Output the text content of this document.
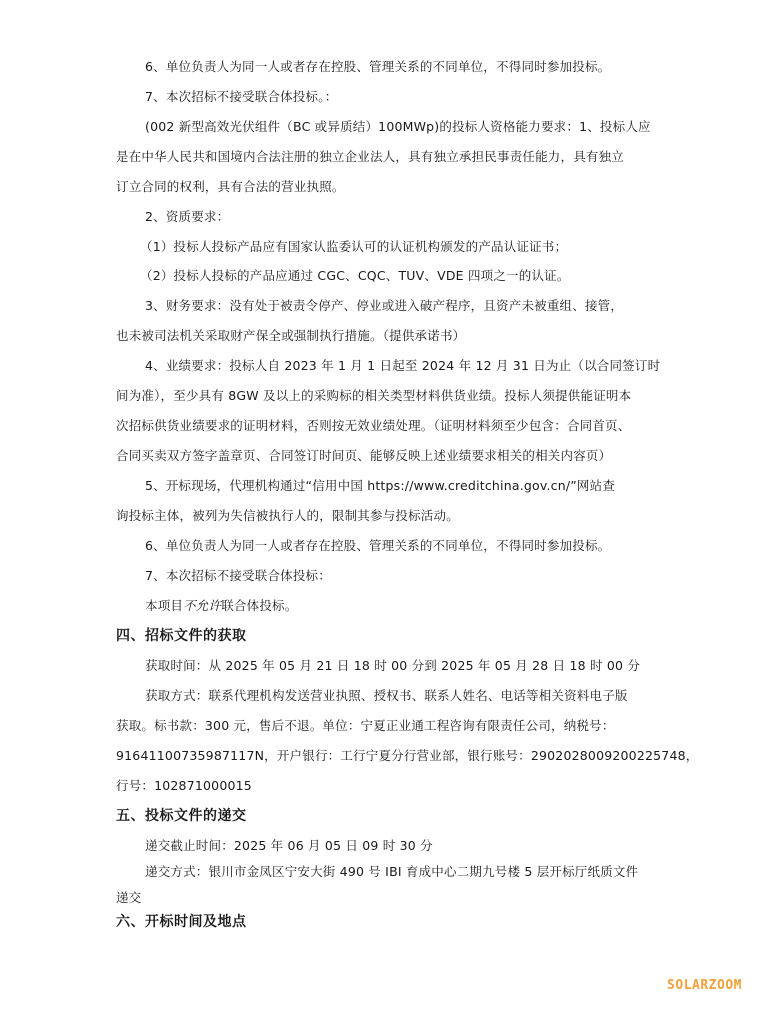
6、单位负责人为同一人或者存在控股、管理关系的不同单位，不得同时参加投标。
7、本次招标不接受联合体投标。：
(002 新型高效光伏组件（BC 或异质结）100MWp)的投标人资格能力要求：1、投标人应
是在中华人民共和国境内合法注册的独立企业法人，具有独立承担民事责任能力，具有独立
订立合同的权利，具有合法的营业执照。
2、资质要求：
（1）投标人投标产品应有国家认监委认可的认证机构颁发的产品认证证书；
（2）投标人投标的产品应通过 CGC、CQC、TUV、VDE 四项之一的认证。
3、财务要求：没有处于被责令停产、停业或进入破产程序，且资产未被重组、接管，
也未被司法机关采取财产保全或强制执行措施。（提供承诺书）
4、业绩要求：投标人自 2023 年 1 月 1 日起至 2024 年 12 月 31 日为止（以合同签订时
间为准），至少具有 8GW 及以上的采购标的相关类型材料供货业绩。投标人须提供能证明本
次招标供货业绩要求的证明材料，否则按无效业绩处理。（证明材料须至少包含：合同首页、
合同买卖双方签字盖章页、合同签订时间页、能够反映上述业绩要求相关的相关内容页）
5、开标现场，代理机构通过“信用中国 https://www.creditchina.gov.cn/”网站查
询投标主体，被列为失信被执行人的，限制其参与投标活动。
6、单位负责人为同一人或者存在控股、管理关系的不同单位，不得同时参加投标。
7、本次招标不接受联合体投标：
本项目不允许联合体投标。
四、招标文件的获取
获取时间：从 2025 年 05 月 21 日 18 时 00 分到 2025 年 05 月 28 日 18 时 00 分
获取方式：联系代理机构发送营业执照、授权书、联系人姓名、电话等相关资料电子版
获取。标书款：300 元，售后不退。单位：宁夏正业通工程咨询有限责任公司，纳税号：
91641100735987117N，开户银行：工行宁夏分行营业部，银行账号：2902028009200225748，
行号：102871000015
五、投标文件的递交
递交截止时间：2025 年 06 月 05 日 09 时 30 分
递交方式：银川市金凤区宁安大街 490 号 IBI 育成中心二期九号楼 5 层开标厅纸质文件
递交
六、开标时间及地点
SOLARZOOM
